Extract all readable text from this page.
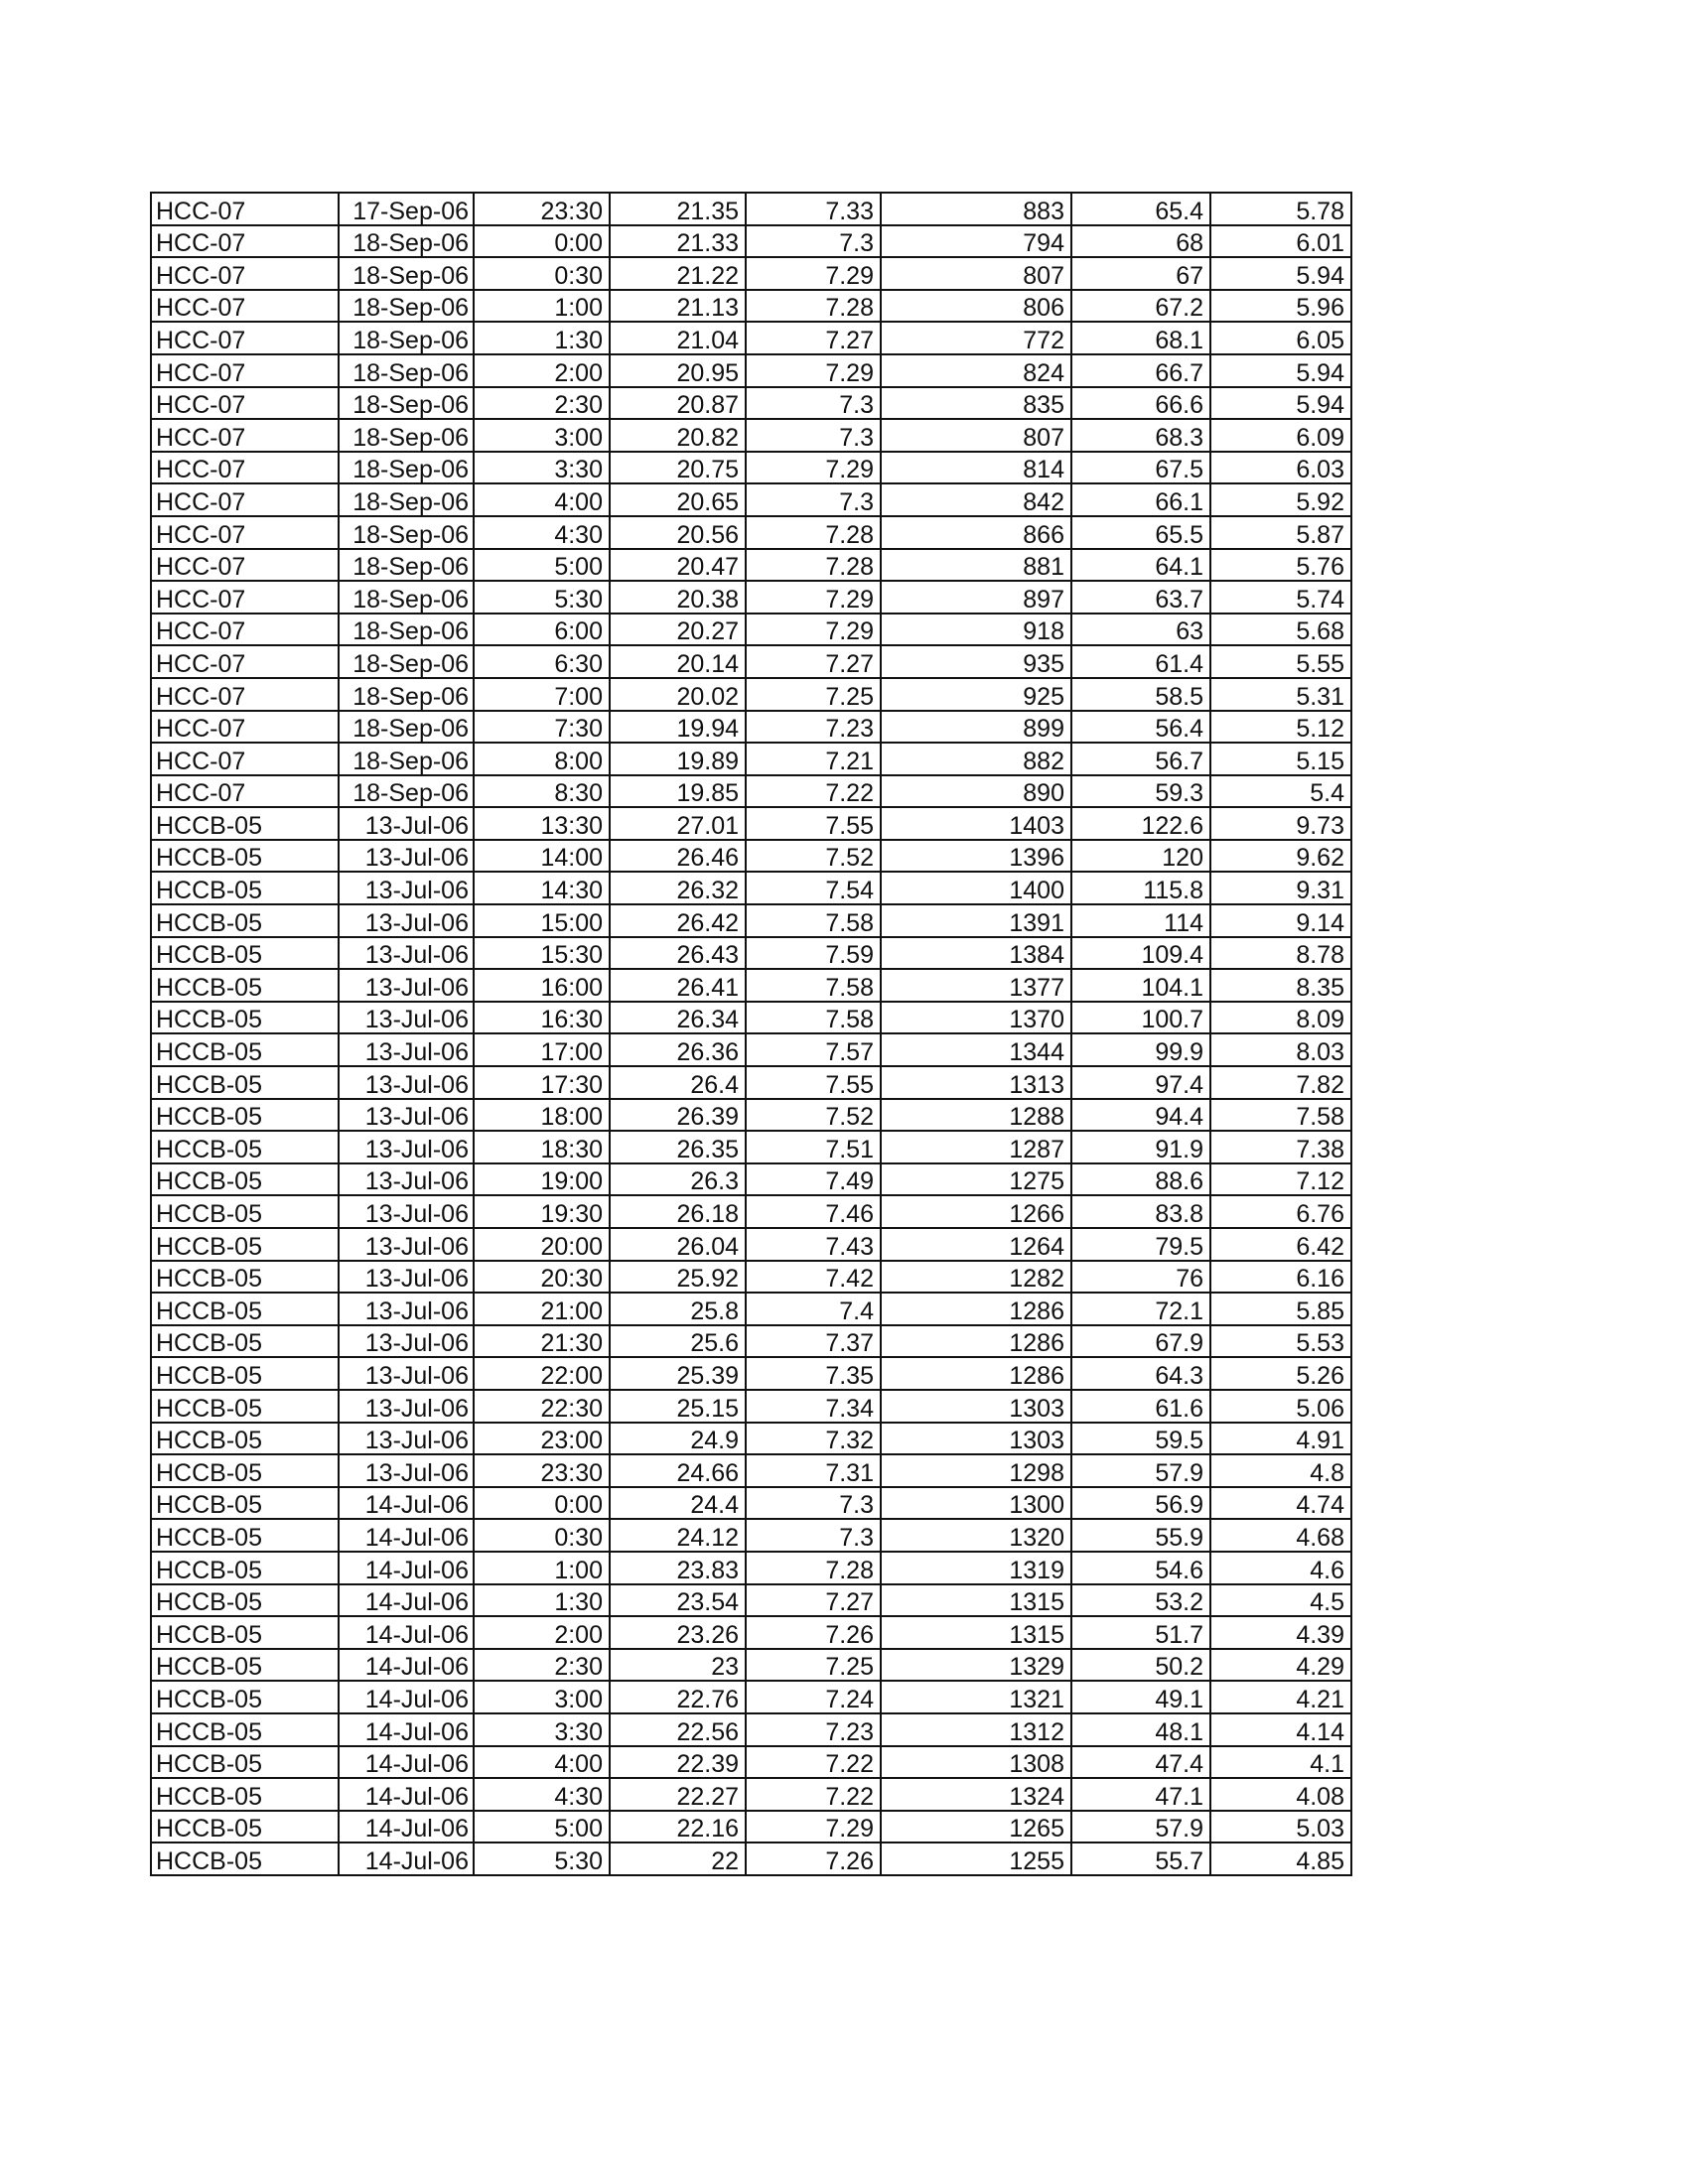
HCC-07	17-Sep-06	23:30	21.35	7.33	883	65.4	5.78
HCC-07	18-Sep-06	0:00	21.33	7.3	794	68	6.01
HCC-07	18-Sep-06	0:30	21.22	7.29	807	67	5.94
HCC-07	18-Sep-06	1:00	21.13	7.28	806	67.2	5.96
HCC-07	18-Sep-06	1:30	21.04	7.27	772	68.1	6.05
HCC-07	18-Sep-06	2:00	20.95	7.29	824	66.7	5.94
HCC-07	18-Sep-06	2:30	20.87	7.3	835	66.6	5.94
HCC-07	18-Sep-06	3:00	20.82	7.3	807	68.3	6.09
HCC-07	18-Sep-06	3:30	20.75	7.29	814	67.5	6.03
HCC-07	18-Sep-06	4:00	20.65	7.3	842	66.1	5.92
HCC-07	18-Sep-06	4:30	20.56	7.28	866	65.5	5.87
HCC-07	18-Sep-06	5:00	20.47	7.28	881	64.1	5.76
HCC-07	18-Sep-06	5:30	20.38	7.29	897	63.7	5.74
HCC-07	18-Sep-06	6:00	20.27	7.29	918	63	5.68
HCC-07	18-Sep-06	6:30	20.14	7.27	935	61.4	5.55
HCC-07	18-Sep-06	7:00	20.02	7.25	925	58.5	5.31
HCC-07	18-Sep-06	7:30	19.94	7.23	899	56.4	5.12
HCC-07	18-Sep-06	8:00	19.89	7.21	882	56.7	5.15
HCC-07	18-Sep-06	8:30	19.85	7.22	890	59.3	5.4
HCCB-05	13-Jul-06	13:30	27.01	7.55	1403	122.6	9.73
HCCB-05	13-Jul-06	14:00	26.46	7.52	1396	120	9.62
HCCB-05	13-Jul-06	14:30	26.32	7.54	1400	115.8	9.31
HCCB-05	13-Jul-06	15:00	26.42	7.58	1391	114	9.14
HCCB-05	13-Jul-06	15:30	26.43	7.59	1384	109.4	8.78
HCCB-05	13-Jul-06	16:00	26.41	7.58	1377	104.1	8.35
HCCB-05	13-Jul-06	16:30	26.34	7.58	1370	100.7	8.09
HCCB-05	13-Jul-06	17:00	26.36	7.57	1344	99.9	8.03
HCCB-05	13-Jul-06	17:30	26.4	7.55	1313	97.4	7.82
HCCB-05	13-Jul-06	18:00	26.39	7.52	1288	94.4	7.58
HCCB-05	13-Jul-06	18:30	26.35	7.51	1287	91.9	7.38
HCCB-05	13-Jul-06	19:00	26.3	7.49	1275	88.6	7.12
HCCB-05	13-Jul-06	19:30	26.18	7.46	1266	83.8	6.76
HCCB-05	13-Jul-06	20:00	26.04	7.43	1264	79.5	6.42
HCCB-05	13-Jul-06	20:30	25.92	7.42	1282	76	6.16
HCCB-05	13-Jul-06	21:00	25.8	7.4	1286	72.1	5.85
HCCB-05	13-Jul-06	21:30	25.6	7.37	1286	67.9	5.53
HCCB-05	13-Jul-06	22:00	25.39	7.35	1286	64.3	5.26
HCCB-05	13-Jul-06	22:30	25.15	7.34	1303	61.6	5.06
HCCB-05	13-Jul-06	23:00	24.9	7.32	1303	59.5	4.91
HCCB-05	13-Jul-06	23:30	24.66	7.31	1298	57.9	4.8
HCCB-05	14-Jul-06	0:00	24.4	7.3	1300	56.9	4.74
HCCB-05	14-Jul-06	0:30	24.12	7.3	1320	55.9	4.68
HCCB-05	14-Jul-06	1:00	23.83	7.28	1319	54.6	4.6
HCCB-05	14-Jul-06	1:30	23.54	7.27	1315	53.2	4.5
HCCB-05	14-Jul-06	2:00	23.26	7.26	1315	51.7	4.39
HCCB-05	14-Jul-06	2:30	23	7.25	1329	50.2	4.29
HCCB-05	14-Jul-06	3:00	22.76	7.24	1321	49.1	4.21
HCCB-05	14-Jul-06	3:30	22.56	7.23	1312	48.1	4.14
HCCB-05	14-Jul-06	4:00	22.39	7.22	1308	47.4	4.1
HCCB-05	14-Jul-06	4:30	22.27	7.22	1324	47.1	4.08
HCCB-05	14-Jul-06	5:00	22.16	7.29	1265	57.9	5.03
HCCB-05	14-Jul-06	5:30	22	7.26	1255	55.7	4.85
